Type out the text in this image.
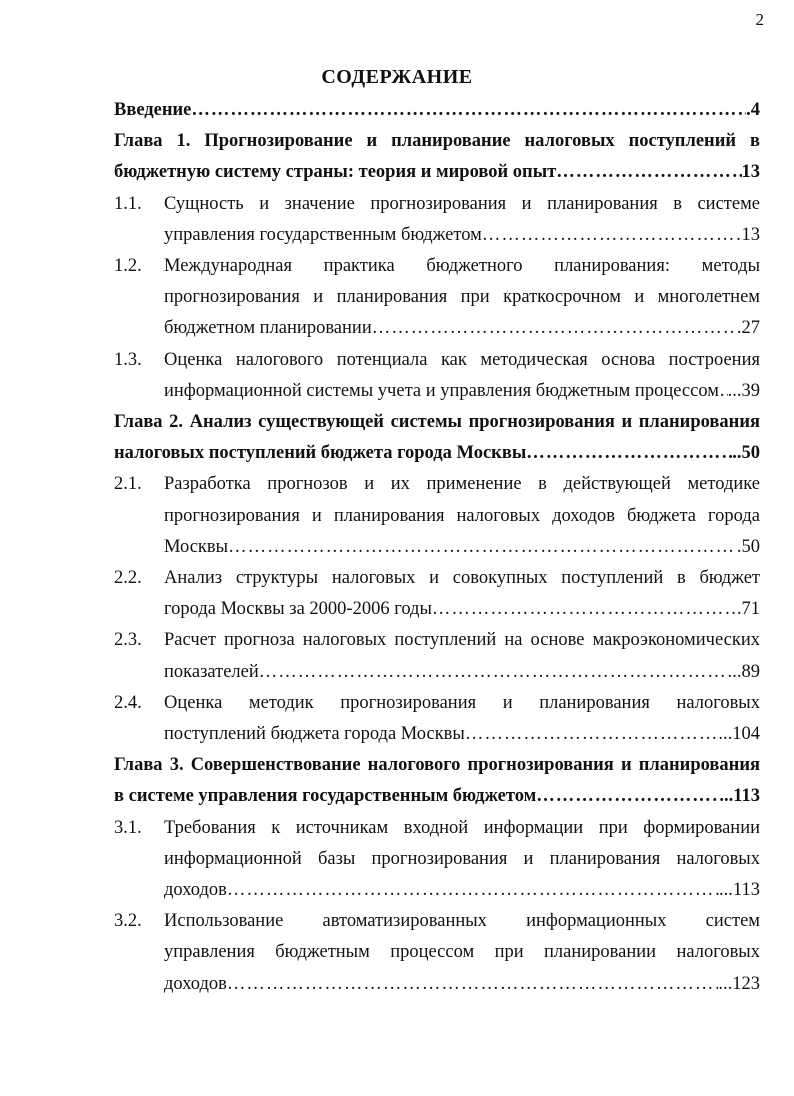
2
СОДЕРЖАНИЕ
Введение ……………………………………………………………………………………………………………………………………………………	.4
Глава 1. Прогнозирование и планирование налоговых поступлений в
бюджетную систему страны: теория и мировой опыт ……………………………………………………………………………………………………………………………………………………	13
1.1.	Сущность и значение прогнозирования и планирования в системе
управления государственным бюджетом ……………………………………………………………………………………………………………………………………………………	13
1.2.	Международная практика бюджетного планирования: методы
прогнозирования и планирования при краткосрочном и многолетнем
бюджетном планировании ……………………………………………………………………………………………………………………………………………………	.27
1.3.	Оценка налогового потенциала как методическая основа построения
информационной системы учета и управления бюджетным процессом …………………………………………………………………………………………………………………………………………………… ...39
Глава 2. Анализ существующей системы прогнозирования и планирования
налоговых поступлений бюджета города Москвы ……………………………………………………………………………………………………………………………………………………	..50
2.1.	Разработка прогнозов и их применение в действующей методике
прогнозирования и планирования налоговых доходов бюджета города
Москвы ……………………………………………………………………………………………………………………………………………………	.50
2.2.	Анализ структуры налоговых и совокупных поступлений в бюджет
города Москвы за 2000-2006 годы ……………………………………………………………………………………………………………………………………………………	.71
2.3.	Расчет прогноза налоговых поступлений на основе макроэкономических
показателей ……………………………………………………………………………………………………………………………………………………	..89
2.4.	Оценка методик прогнозирования и планирования налоговых
поступлений бюджета города Москвы ……………………………………………………………………………………………………………………………………………………	...104
Глава 3. Совершенствование налогового прогнозирования и планирования
в системе управления государственным бюджетом ……………………………………………………………………………………………………………………………………………………	...113
3.1.	Требования к источникам входной информации при формировании
информационной базы прогнозирования и планирования налоговых
доходов ……………………………………………………………………………………………………………………………………………………	...113
3.2.	Использование автоматизированных информационных систем
управления бюджетным процессом при планировании налоговых
доходов ……………………………………………………………………………………………………………………………………………………	...123
